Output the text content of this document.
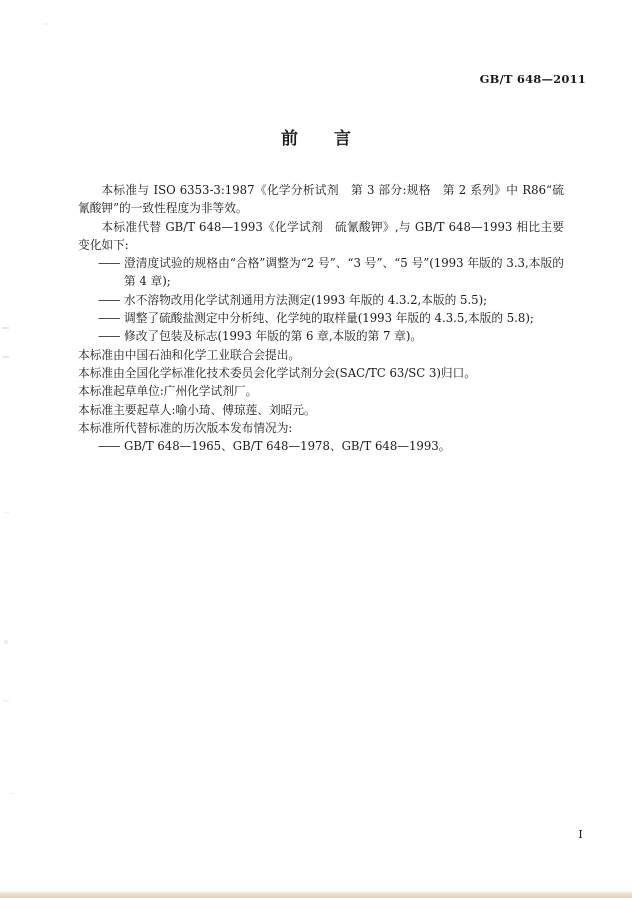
GB/T 648—2011
前 言

本标准与 ISO 6353-3:1987《化学分析试剂　第 3 部分:规格　第 2 系列》中 R86“硫氰酸钾”的一致性程度为非等效。

本标准代替 GB/T 648—1993《化学试剂　硫氰酸钾》,与 GB/T 648—1993 相比主要变化如下:

—— 澄清度试验的规格由“合格”调整为“2 号”、“3 号”、“5 号”(1993 年版的 3.3,本版的第 4 章);

—— 水不溶物改用化学试剂通用方法测定(1993 年版的 4.3.2,本版的 5.5);

—— 调整了硫酸盐测定中分析纯、化学纯的取样量(1993 年版的 4.3.5,本版的 5.8);

—— 修改了包装及标志(1993 年版的第 6 章,本版的第 7 章)。

本标准由中国石油和化学工业联合会提出。

本标准由全国化学标准化技术委员会化学试剂分会(SAC/TC 63/SC 3)归口。

本标准起草单位:广州化学试剂厂。

本标准主要起草人:喻小琦、傅琼莲、刘昭元。

本标准所代替标准的历次版本发布情况为:

—— GB/T 648—1965、GB/T 648—1978、GB/T 648—1993。

I
